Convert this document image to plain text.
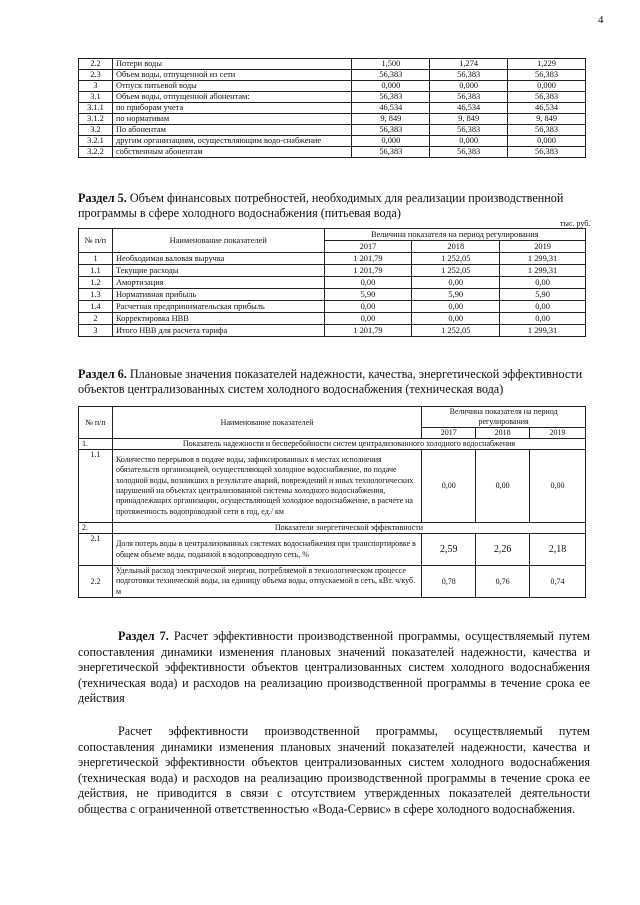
4
2.2	Потери воды	1,500	1,274	1,229
2.3	Объем воды, отпущенной из сети	56,383	56,383	56,383
3	Отпуск питьевой воды	0,000	0,000	0,000
3.1	Объем воды, отпущенной абонентам:	56,383	56,383	56,383
3.1.1	по приборам учета	46,534	46,534	46,534
3.1.2	по нормативам	9, 849	9, 849	9, 849
3.2	По абонентам	56,383	56,383	56,383
3.2.1	другим организациям, осуществляющим водо-снабжение	0,000	0,000	0,000
3.2.2	собственным абонентам	56,383	56,383	56,383
Раздел 5. Объем финансовых потребностей, необходимых для реализации производственной программы в сфере холодного водоснабжения (питьевая вода)
тыс. руб.
№ п/п	Наименование показателей	Величина показателя на период регулирования		
		2017	2018	2019
1	Необходимая валовая выручка	1 201,79	1 252,05	1 299,31
1.1	Текущие расходы	1 201,79	1 252,05	1 299,31
1.2	Амортизация	0,00	0,00	0,00
1.3	Нормативная прибыль	5,90	5,90	5,90
1.4	Расчетная предпринимательская прибыль	0,00	0,00	0,00
2	Корректировка НВВ	0,00	0,00	0,00
3	Итого НВВ для расчета тарифа	1 201,79	1 252,05	1 299,31
Раздел 6. Плановые значения показателей надежности, качества, энергетической эффективности объектов централизованных систем холодного водоснабжения (техническая вода)
№ п/п	Наименование показателей	Величина показателя на период регулирования		
		2017	2018	2019
1.	Показатель надежности и бесперебойности систем централизованного холодного водоснабжения			
1.1	Количество перерывов в подаче воды, зафиксированных в местах исполнения обязательств организацией, осуществляющей холодное водоснабжение, по подаче холодной воды, возникших в результате аварий, повреждений и иных технологических нарушений на объектах централизованной системы холодного водоснабжения, принадлежащих организации, осуществляющей холодное водоснабжение, в расчете на протяженность водопроводной сети в год, ед./ км	0,00	0,00	0,00
2.	Показатели энергетической эффективности			
2.1	Доля потерь воды в централизованных системах водоснабжения при транспортировке в общем объеме воды, поданной в водопроводную сеть, %	2,59	2,26	2,18
2.2	Удельный расход электрической энергии, потребляемой в технологическом процессе подготовки технической воды, на единицу объема воды, отпускаемой в сеть, кВт. ч/куб. м	0,78	0,76	0,74
Раздел 7. Расчет эффективности производственной программы, осуществляемый путем сопоставления динамики изменения плановых значений показателей надежности, качества и энергетической эффективности объектов централизованных систем холодного водоснабжения (техническая вода) и расходов на реализацию производственной программы в течение срока ее действия
Расчет эффективности производственной программы, осуществляемый путем сопоставления динамики изменения плановых значений показателей надежности, качества и энергетической эффективности объектов централизованных систем холодного водоснабжения (техническая вода) и расходов на реализацию производственной программы в течение срока ее действия, не приводится в связи с отсутствием утвержденных показателей деятельности общества с ограниченной ответственностью «Вода-Сервис» в сфере холодного водоснабжения.
